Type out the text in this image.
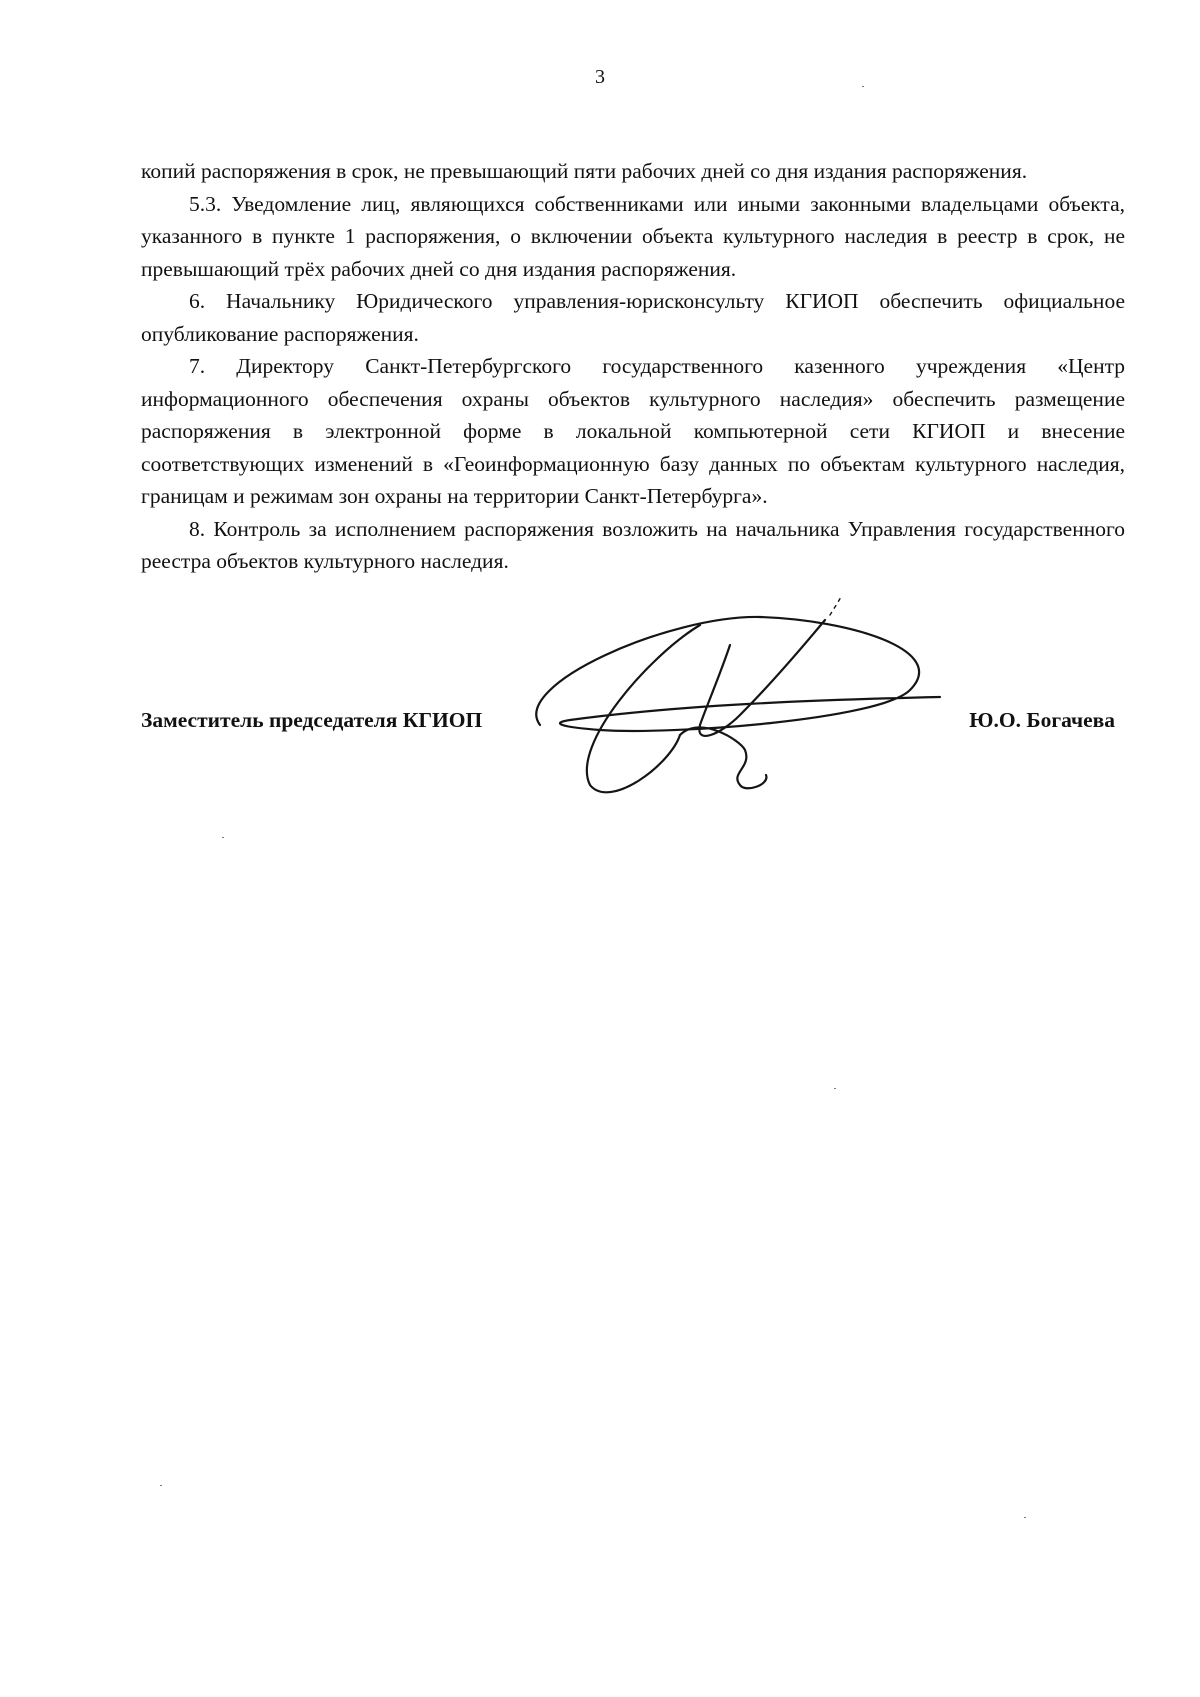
3

копий распоряжения в срок, не превышающий пяти рабочих дней со дня издания распоряжения.

5.3. Уведомление лиц, являющихся собственниками или иными законными владельцами объекта, указанного в пункте 1 распоряжения, о включении объекта культурного наследия в реестр в срок, не превышающий трёх рабочих дней со дня издания распоряжения.

6. Начальнику Юридического управления-юрисконсульту КГИОП обеспечить официальное опубликование распоряжения.

7. Директору Санкт-Петербургского государственного казенного учреждения «Центр информационного обеспечения охраны объектов культурного наследия» обеспечить размещение распоряжения в электронной форме в локальной компьютерной сети КГИОП и внесение соответствующих изменений в «Геоинформационную базу данных по объектам культурного наследия, границам и режимам зон охраны на территории Санкт-Петербурга».

8. Контроль за исполнением распоряжения возложить на начальника Управления государственного реестра объектов культурного наследия.

Заместитель председателя КГИОП	Ю.О. Богачева
